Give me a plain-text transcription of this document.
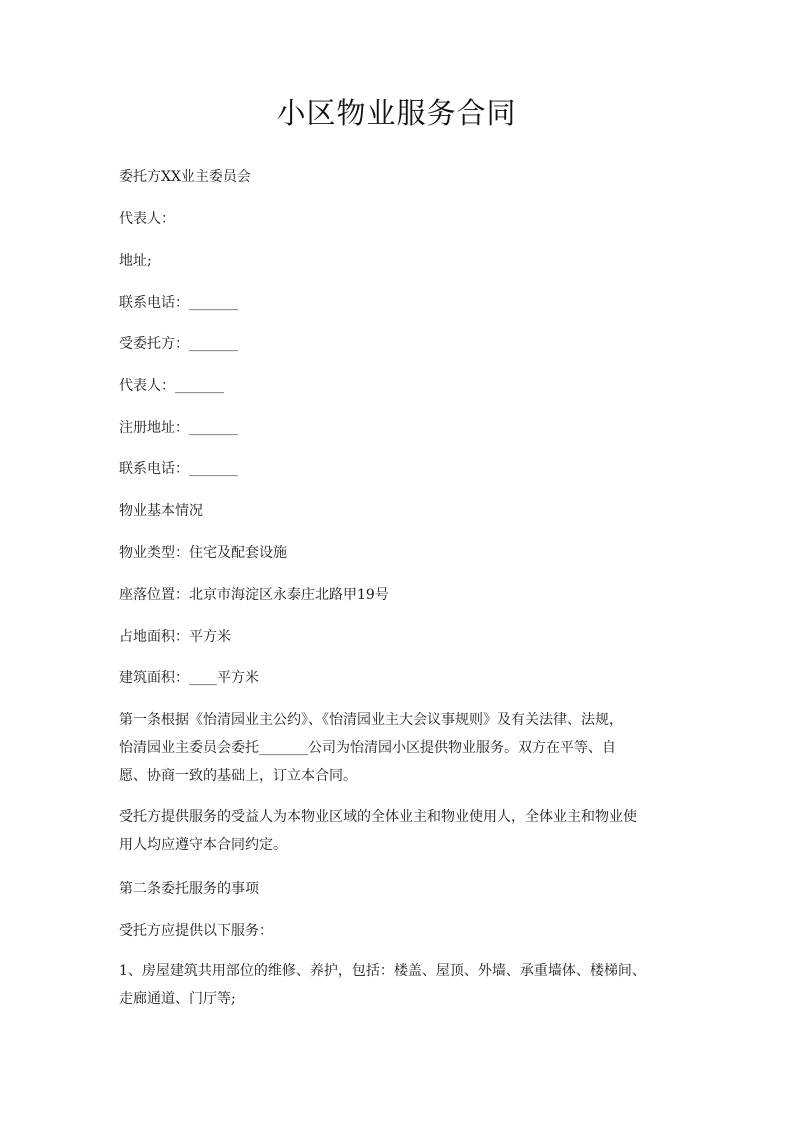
小区物业服务合同
委托方XX业主委员会
代表人：
地址;
联系电话：_______
受委托方：_______
代表人：_______
注册地址：_______
联系电话：_______
物业基本情况
物业类型：住宅及配套设施
座落位置：北京市海淀区永泰庄北路甲19号
占地面积：平方米
建筑面积：____平方米
第一条根据《怡清园业主公约》、《怡清园业主大会议事规则》及有关法律、法规，
怡清园业主委员会委托_______公司为怡清园小区提供物业服务。双方在平等、自
愿、协商一致的基础上，订立本合同。
受托方提供服务的受益人为本物业区域的全体业主和物业使用人，全体业主和物业使
用人均应遵守本合同约定。
第二条委托服务的事项
受托方应提供以下服务：
1、房屋建筑共用部位的维修、养护，包括：楼盖、屋顶、外墙、承重墙体、楼梯间、
走廊通道、门厅等;
